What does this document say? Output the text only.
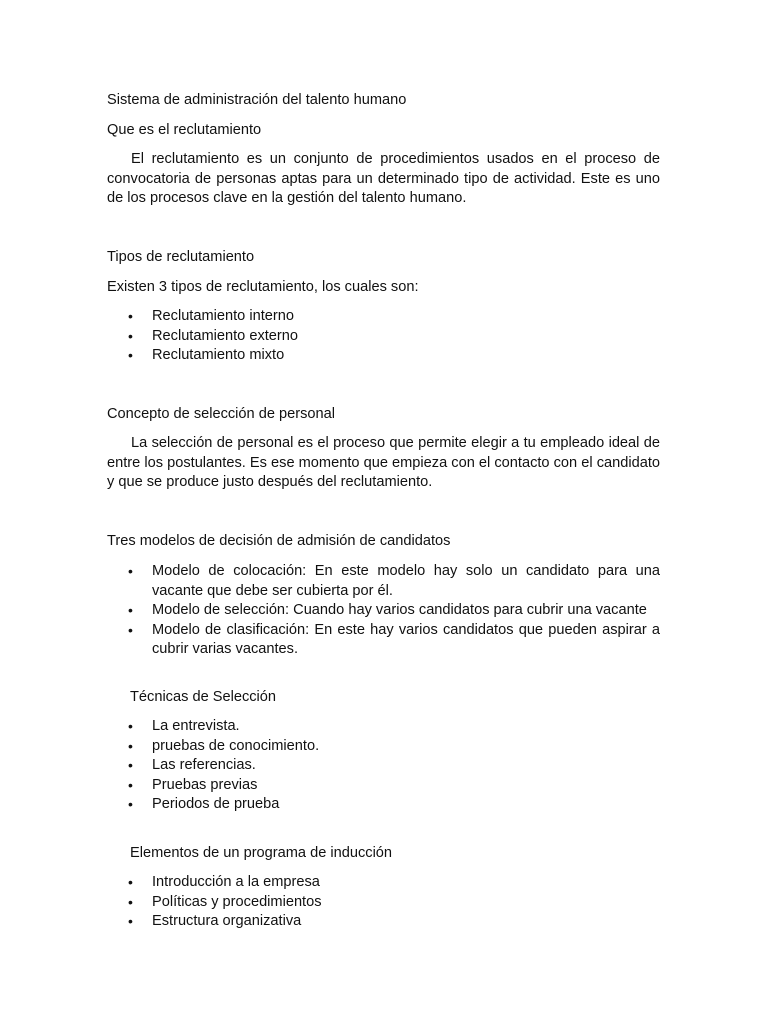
Sistema de administración del talento humano
Que es el reclutamiento
El reclutamiento es un conjunto de procedimientos usados en el proceso de convocatoria de personas aptas para un determinado tipo de actividad. Este es uno de los procesos clave en la gestión del talento humano.
Tipos de reclutamiento
Existen 3 tipos de reclutamiento, los cuales son:
• Reclutamiento interno
• Reclutamiento externo
• Reclutamiento mixto
Concepto de selección de personal
La selección de personal es el proceso que permite elegir a tu empleado ideal de entre los postulantes. Es ese momento que empieza con el contacto con el candidato y que se produce justo después del reclutamiento.
Tres modelos de decisión de admisión de candidatos
• Modelo de colocación: En este modelo hay solo un candidato para una vacante que debe ser cubierta por él.
• Modelo de selección: Cuando hay varios candidatos para cubrir una vacante
• Modelo de clasificación: En este hay varios candidatos que pueden aspirar a cubrir varias vacantes.
Técnicas de Selección
• La entrevista.
• pruebas de conocimiento.
• Las referencias.
• Pruebas previas
• Periodos de prueba
Elementos de un programa de inducción
• Introducción a la empresa
• Políticas y procedimientos
• Estructura organizativa
